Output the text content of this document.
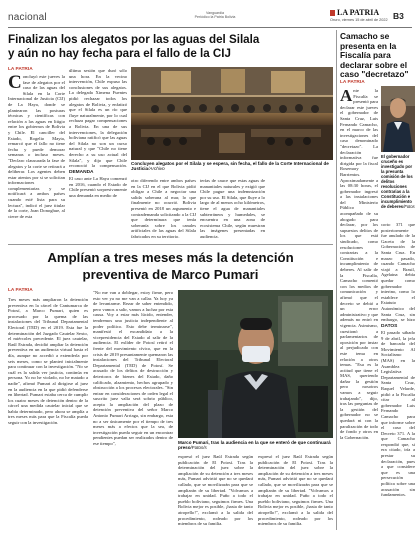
nacional	Vanguardia
Periódico la Patria Bolivia
LA PATRIA
Oruro, viernes 15 de abril de 2022 B3
Finalizan los alegatos por las aguas del Silala
y aún no hay fecha para el fallo de la CIJ
LA PATRIA
C oncluyó este jueves la fase de alegatos por el caso de las aguas del Silala en la Corte Internacional de Justicia (CIJ) de La Haya, donde se plantearon las posturas técnicas y científicas con relación a las aguas en litigio entre los gobiernos de Bolivia y Chile. El canciller del Estado, Rogelio Mayta, remarcó que el fallo no tiene fecha y puede demorar semanas o incluso meses. "Declaro clausurada la fase de alegatos y la corte se retirará a deliberar. Los agentes deben estar atentos por si se solicitan informaciones complementarias y se notificará a ambos países cuando esté lista para su lectura", indicó el juez titular de la corte, Joan Donoghue, al cierre de esta
última sesión que duró sólo una hora. En la vecino intervención, Chile expuso las conclusiones de sus alegatos. La delegada Ximena Fuentes pidió rechazar todos los alegatos de Bolivia, y enfatizó que el Silala es un río que fluye naturalmente, por lo cual rechaza pagar compensaciones a Bolivia. En una de sus intervenciones, la delegación boliviana ratificó que las aguas del Silala no son un curso natural y que "Chile no tiene derecho a su uso actual del Silala", y dijo que Chile reconoció la compensación.
DEMANDA
El caso ante La Haya comenzó en 2016, cuando el Estado de Chile presentó sorpresivamente una demanda en medio de
Concluyen alegatos por el Silala y se espera, sin fecha, el fallo de la Corte Internacional de Justicia/Archivo
otro diferendo entre ambos países en la CIJ en el que Bolivia pidió obligar a Chile a negociar una salida soberana al mar, lo que finalmente no ocurrió. Bolivia presentó en 2018 un argumento e contrademanda solicitando a la CIJ que determinara que tenía soberanía sobre los canales artificiales de las aguas del Silala fabricados en su territorio.
terías de cauce que estas aguas de manantiales naturales y exigió que Chile pague una indemnización por su uso. El Silala, que fluye a lo largo de al menos ocho kilómetros, tiene el agua de manantiales subterráneos y humedales, se encuentra en una zona de ecosistema Chile, según muestran las imágenes presentadas en audiencia.
Amplían a tres meses más la detención
preventiva de Marco Pumari
LA PATRIA
Tres meses más ampliaron la detención preventiva en la cárcel de Cantumarca de Potosí, a Marco Pumari, quien es procesado por la quema de las instalaciones del Tribunal Departamental Electoral (TED) en el 2019. Esta fue la determinación del Juzgado Cautelar Sexto, el miércoles precedente. El juez cautelar, Raúl Estrada, decidió ampliar la detención preventiva en un audiencia virtual hasta el día, aunque no accedió a extenderla por seis meses, como se planteó inicialmente para continuar con la investigación. "No se cuál es la salida ver justicia, continúa en persona. Yo no he violado, no he matado a nadie", afirmó Pumari al dirigirse al juez en la audiencia en la que pidió defenderse en libertad. Pumari estaba cerca de cumplir los cuatro meses de detención dentro de la cárcel una medida cautelar inicial que se había determinado, pero ahora se amplía a tres meses más para que la Fiscalía pueda seguir con la investigación.
"No me van a doblegar, estoy firme, pero esto ver ya no me van a callar. Ya hoy ya de levantarme. Rezar de saber entendido, pero vamos a salir, vamos a luchar por esta causa. Voy a estar más lúcido, entender, tendremos una justicia independiente al poder político. Esto debe terminarse", manifestó el excandidato a la vicepresidencia del Estado al salir de la audiencia. El exlíder de Potosí retiró el frente del movimiento cívico, que en la crisis de 2019 presuntamente quemaron las instalaciones del Tribunal Electoral Departamental (TED) de Potosí. Se acusado de los delitos de destrucción y deterioros de bienes del Estado, daño calificado, alzamiento, hechos agrupado y obstrucción a los procesos electorales. "Sin entrar en consideraciones de orden legal el suscrito juez valía será sobrio público, acepta la ampliación del plazo de detención preventiva del señor Marco Antonio Pumari Arriaga, sin embargo, esta no a ser únicamente por el tiempo de tres meses más a efectos que la sea, de investigación pueda seguir en un encontrar pendientes puedan ser realizados dentro de ese tiempo",	Marco Pumari, tras la audiencia en la que se enteró de que continuará preso/Fotos/s
expresó el juez Raúl Estrada según publicación de El Potosí. Tras la determinación del juez sobre la ampliación de su detención a tres meses más, Pumari advirtió que no se quedará callado, que se movilizarán para que se ampliarán de su libertad. "Volvamos a trabajar en unidad. Puño a todo el pueblo boliviano, seguimos firmes. Una Bolivia mejor es posible, ¡hasta de tanto atropello!", exclamó a la salida del procedimiento, rodeado por los miembros de su familia.
expresó el juez Raúl Estrada según publicación de El Potosí. Tras la determinación del juez sobre la ampliación de su detención a tres meses más, Pumari advirtió que no se quedará callado, que se movilizarán para que se ampliarán de su libertad. "Volvamos a trabajar en unidad. Puño a todo el pueblo boliviano, seguimos firmes. Una Bolivia mejor es posible, ¡hasta de tanto atropello!", exclamó a la salida del procedimiento, rodeado por los miembros de su familia.
Camacho se presenta en la Fiscalía para declarar sobre el caso "decretazo"
LA PATRIA
A nte la Fiscalía se presentó para declarar este jueves el gobernador de Santa Cruz, Luis Fernando Camacho, en el marco de las investigaciones del caso denominado "decretazo". La declaración informativa fue dirigida por la fiscal Rosemary Barrientos. Aproximadamente a las 08:30 horas, el gobernador ingresó a las instalaciones del Ministerio Público acompañado de su abogado para declarar, por los supuestos delitos de los que está sindicado, como resoluciones contrarias a la Constitución e incumplimiento de deberes. Al salir de la Fiscalía, Camacho comentó con los medios de comunicación y afirmó que el decreto se debió a un error administrativo y que además no entró en vigencia. Asimismo, cuestionó a parlamentarios de oposición por instar al perjudicado con este tema en relación a otros temas. "Esa es la actitud que tiene el MAS, queriendo dañar la gestión pero nosotros vamos a seguir trabajando", dijo, tras las preguntas de la gestión del gobernador no se quedará ni con la paralización de todo de fondo y otros en la Gobernación.
El gobernador cruceño es investigado por la presunta comisión de los delitos resoluciones contrarias a la Constitución e incumplimiento de deberes/Fotos
corto 371 que posteriormente fue anulado de la Gaceta de la Gobernación de Santa Cruz. En marzo pasado, cuando Camacho viajó a Brasil, Agelaina debía quedar como gobernador interino, como lo establece el Estatuto Autonómico del Santa Cruz, sin embargo, se hizo
DATOS
El pasado sábado 9 de abril, la jefa de bancada del Movimiento Al Socialismo (MAS) en la Asamblea Legislativa Departamental de Santa Cruz, Raquel Velarde, pidió a la Fiscalía citar al gobernador Luis Fernando Camacho para que informe sobre el caso del Decreto 371. A la que Camacho respondió que, si era citado, iría a prestar su declaración, pues a que considere que es una persecución política sobre una acusación sin fundamentos.
